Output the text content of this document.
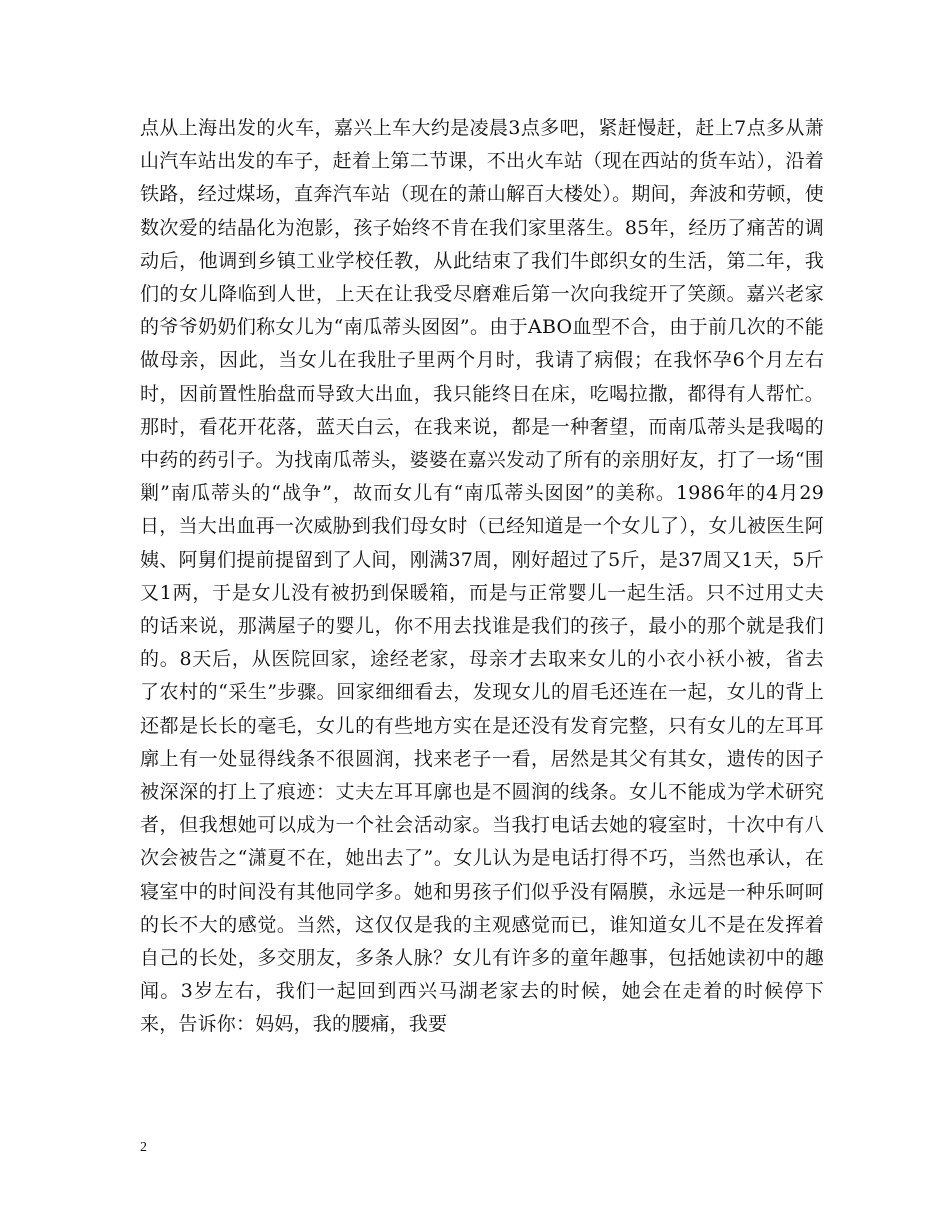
点从上海出发的火车，嘉兴上车大约是凌晨3点多吧，紧赶慢赶，赶上7点多从萧山汽车站出发的车子，赶着上第二节课，不出火车站（现在西站的货车站），沿着铁路，经过煤场，直奔汽车站（现在的萧山解百大楼处）。期间，奔波和劳顿，使数次爱的结晶化为泡影，孩子始终不肯在我们家里落生。85年，经历了痛苦的调动后，他调到乡镇工业学校任教，从此结束了我们牛郎织女的生活，第二年，我们的女儿降临到人世，上天在让我受尽磨难后第一次向我绽开了笑颜。嘉兴老家的爷爷奶奶们称女儿为“南瓜蒂头囡囡”。由于ABO血型不合，由于前几次的不能做母亲，因此，当女儿在我肚子里两个月时，我请了病假；在我怀孕6个月左右时，因前置性胎盘而导致大出血，我只能终日在床，吃喝拉撒，都得有人帮忙。那时，看花开花落，蓝天白云，在我来说，都是一种奢望，而南瓜蒂头是我喝的中药的药引子。为找南瓜蒂头，婆婆在嘉兴发动了所有的亲朋好友，打了一场“围剿”南瓜蒂头的“战争”，故而女儿有“南瓜蒂头囡囡”的美称。1986年的4月29日，当大出血再一次威胁到我们母女时（已经知道是一个女儿了），女儿被医生阿姨、阿舅们提前提留到了人间，刚满37周，刚好超过了5斤，是37周又1天，5斤又1两，于是女儿没有被扔到保暖箱，而是与正常婴儿一起生活。只不过用丈夫的话来说，那满屋子的婴儿，你不用去找谁是我们的孩子，最小的那个就是我们的。8天后，从医院回家，途经老家，母亲才去取来女儿的小衣小袄小被，省去了农村的“采生”步骤。回家细细看去，发现女儿的眉毛还连在一起，女儿的背上还都是长长的毫毛，女儿的有些地方实在是还没有发育完整，只有女儿的左耳耳廓上有一处显得线条不很圆润，找来老子一看，居然是其父有其女，遗传的因子被深深的打上了痕迹：丈夫左耳耳廓也是不圆润的线条。女儿不能成为学术研究者，但我想她可以成为一个社会活动家。当我打电话去她的寝室时，十次中有八次会被告之“潇夏不在，她出去了”。女儿认为是电话打得不巧，当然也承认，在寝室中的时间没有其他同学多。她和男孩子们似乎没有隔膜，永远是一种乐呵呵的长不大的感觉。当然，这仅仅是我的主观感觉而已，谁知道女儿不是在发挥着自己的长处，多交朋友，多条人脉？女儿有许多的童年趣事，包括她读初中的趣闻。3岁左右，我们一起回到西兴马湖老家去的时候，她会在走着的时候停下来，告诉你：妈妈，我的腰痛，我要

2
